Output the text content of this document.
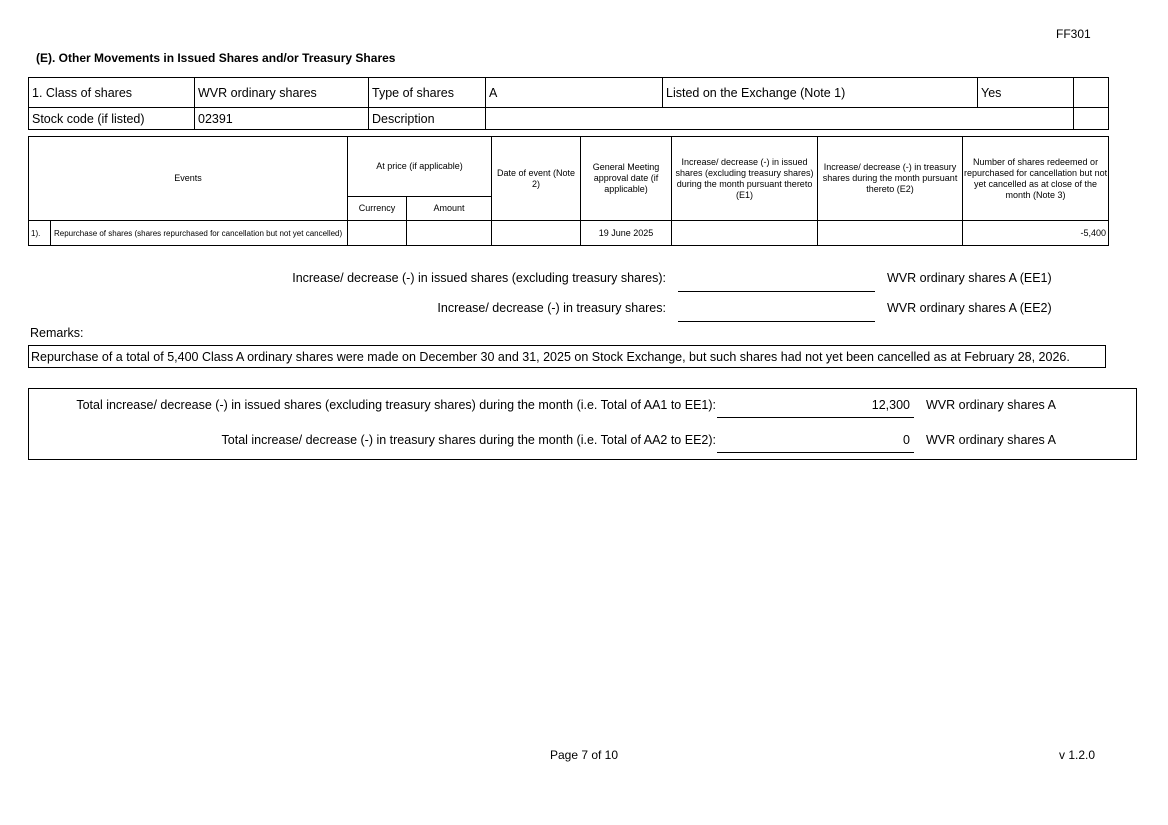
FF301
(E). Other Movements in Issued Shares and/or Treasury Shares
1. Class of shares	WVR ordinary shares	Type of shares	A	Listed on the Exchange (Note 1)	Yes	
Stock code (if listed)	02391	Description				
Events		At price (if applicable)		Date of event (Note 2)	General Meeting approval date (if applicable)	Increase/ decrease (-) in issued shares (excluding treasury shares) during the month pursuant thereto (E1)	Increase/ decrease (-) in treasury shares during the month pursuant thereto (E2)	Number of shares redeemed or repurchased for cancellation but not yet cancelled as at close of the month (Note 3)
		Currency	Amount					
1).	Repurchase of shares (shares repurchased for cancellation but not yet cancelled)				19 June 2025			-5,400
Increase/ decrease (-) in issued shares (excluding treasury shares):	WVR ordinary shares A (EE1)
Increase/ decrease (-) in treasury shares:	WVR ordinary shares A (EE2)
Remarks:
Repurchase of a total of 5,400 Class A ordinary shares were made on December 30 and 31, 2025 on Stock Exchange, but such shares had not yet been cancelled as at February 28, 2026.
Total increase/ decrease (-) in issued shares (excluding treasury shares) during the month (i.e. Total of AA1 to EE1):	12,300	WVR ordinary shares A
Total increase/ decrease (-) in treasury shares during the month (i.e. Total of AA2 to EE2):	0	WVR ordinary shares A
Page 7 of 10	v 1.2.0
